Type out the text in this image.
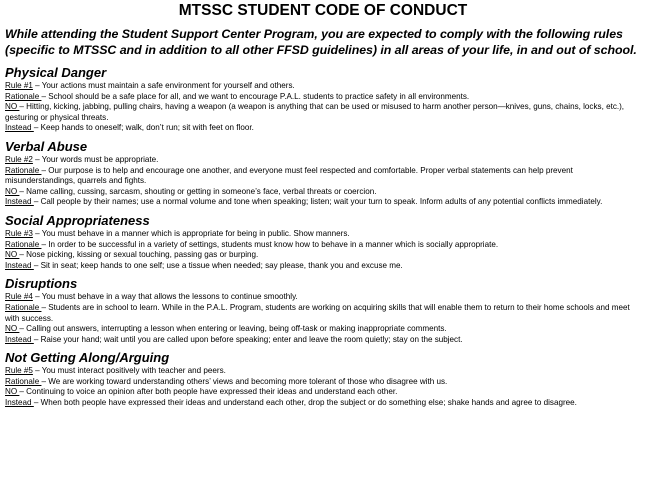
MTSSC STUDENT CODE OF CONDUCT

While attending the Student Support Center Program, you are expected to comply with the following rules (specific to MTSSC and in addition to all other FFSD guidelines) in all areas of your life, in and out of school.

Physical Danger

Rule #1 – Your actions must maintain a safe environment for yourself and others.

Rationale – School should be a safe place for all, and we want to encourage P.A.L. students to practice safety in all environments.

NO – Hitting, kicking, jabbing, pulling chairs, having a weapon (a weapon is anything that can be used or misused to harm another person—knives, guns, chains, locks, etc.), gesturing or physical threats.

Instead – Keep hands to oneself; walk, don’t run; sit with feet on floor.

Verbal Abuse

Rule #2 – Your words must be appropriate.

Rationale – Our purpose is to help and encourage one another, and everyone must feel respected and comfortable. Proper verbal statements can help prevent misunderstandings, quarrels and fights.

NO – Name calling, cussing, sarcasm, shouting or getting in someone’s face, verbal threats or coercion.

Instead – Call people by their names; use a normal volume and tone when speaking; listen; wait your turn to speak. Inform adults of any potential conflicts immediately.

Social Appropriateness

Rule #3 – You must behave in a manner which is appropriate for being in public. Show manners.

Rationale – In order to be successful in a variety of settings, students must know how to behave in a manner which is socially appropriate.

NO – Nose picking, kissing or sexual touching, passing gas or burping.

Instead – Sit in seat; keep hands to one self; use a tissue when needed; say please, thank you and excuse me.

Disruptions

Rule #4 – You must behave in a way that allows the lessons to continue smoothly.

Rationale – Students are in school to learn. While in the P.A.L. Program, students are working on acquiring skills that will enable them to return to their home schools and meet with success.

NO – Calling out answers, interrupting a lesson when entering or leaving, being off-task or making inappropriate comments.

Instead – Raise your hand; wait until you are called upon before speaking; enter and leave the room quietly; stay on the subject.

Not Getting Along/Arguing

Rule #5 – You must interact positively with teacher and peers.

Rationale – We are working toward understanding others’ views and becoming more tolerant of those who disagree with us.

NO – Continuing to voice an opinion after both people have expressed their ideas and understand each other.

Instead – When both people have expressed their ideas and understand each other, drop the subject or do something else; shake hands and agree to disagree.
